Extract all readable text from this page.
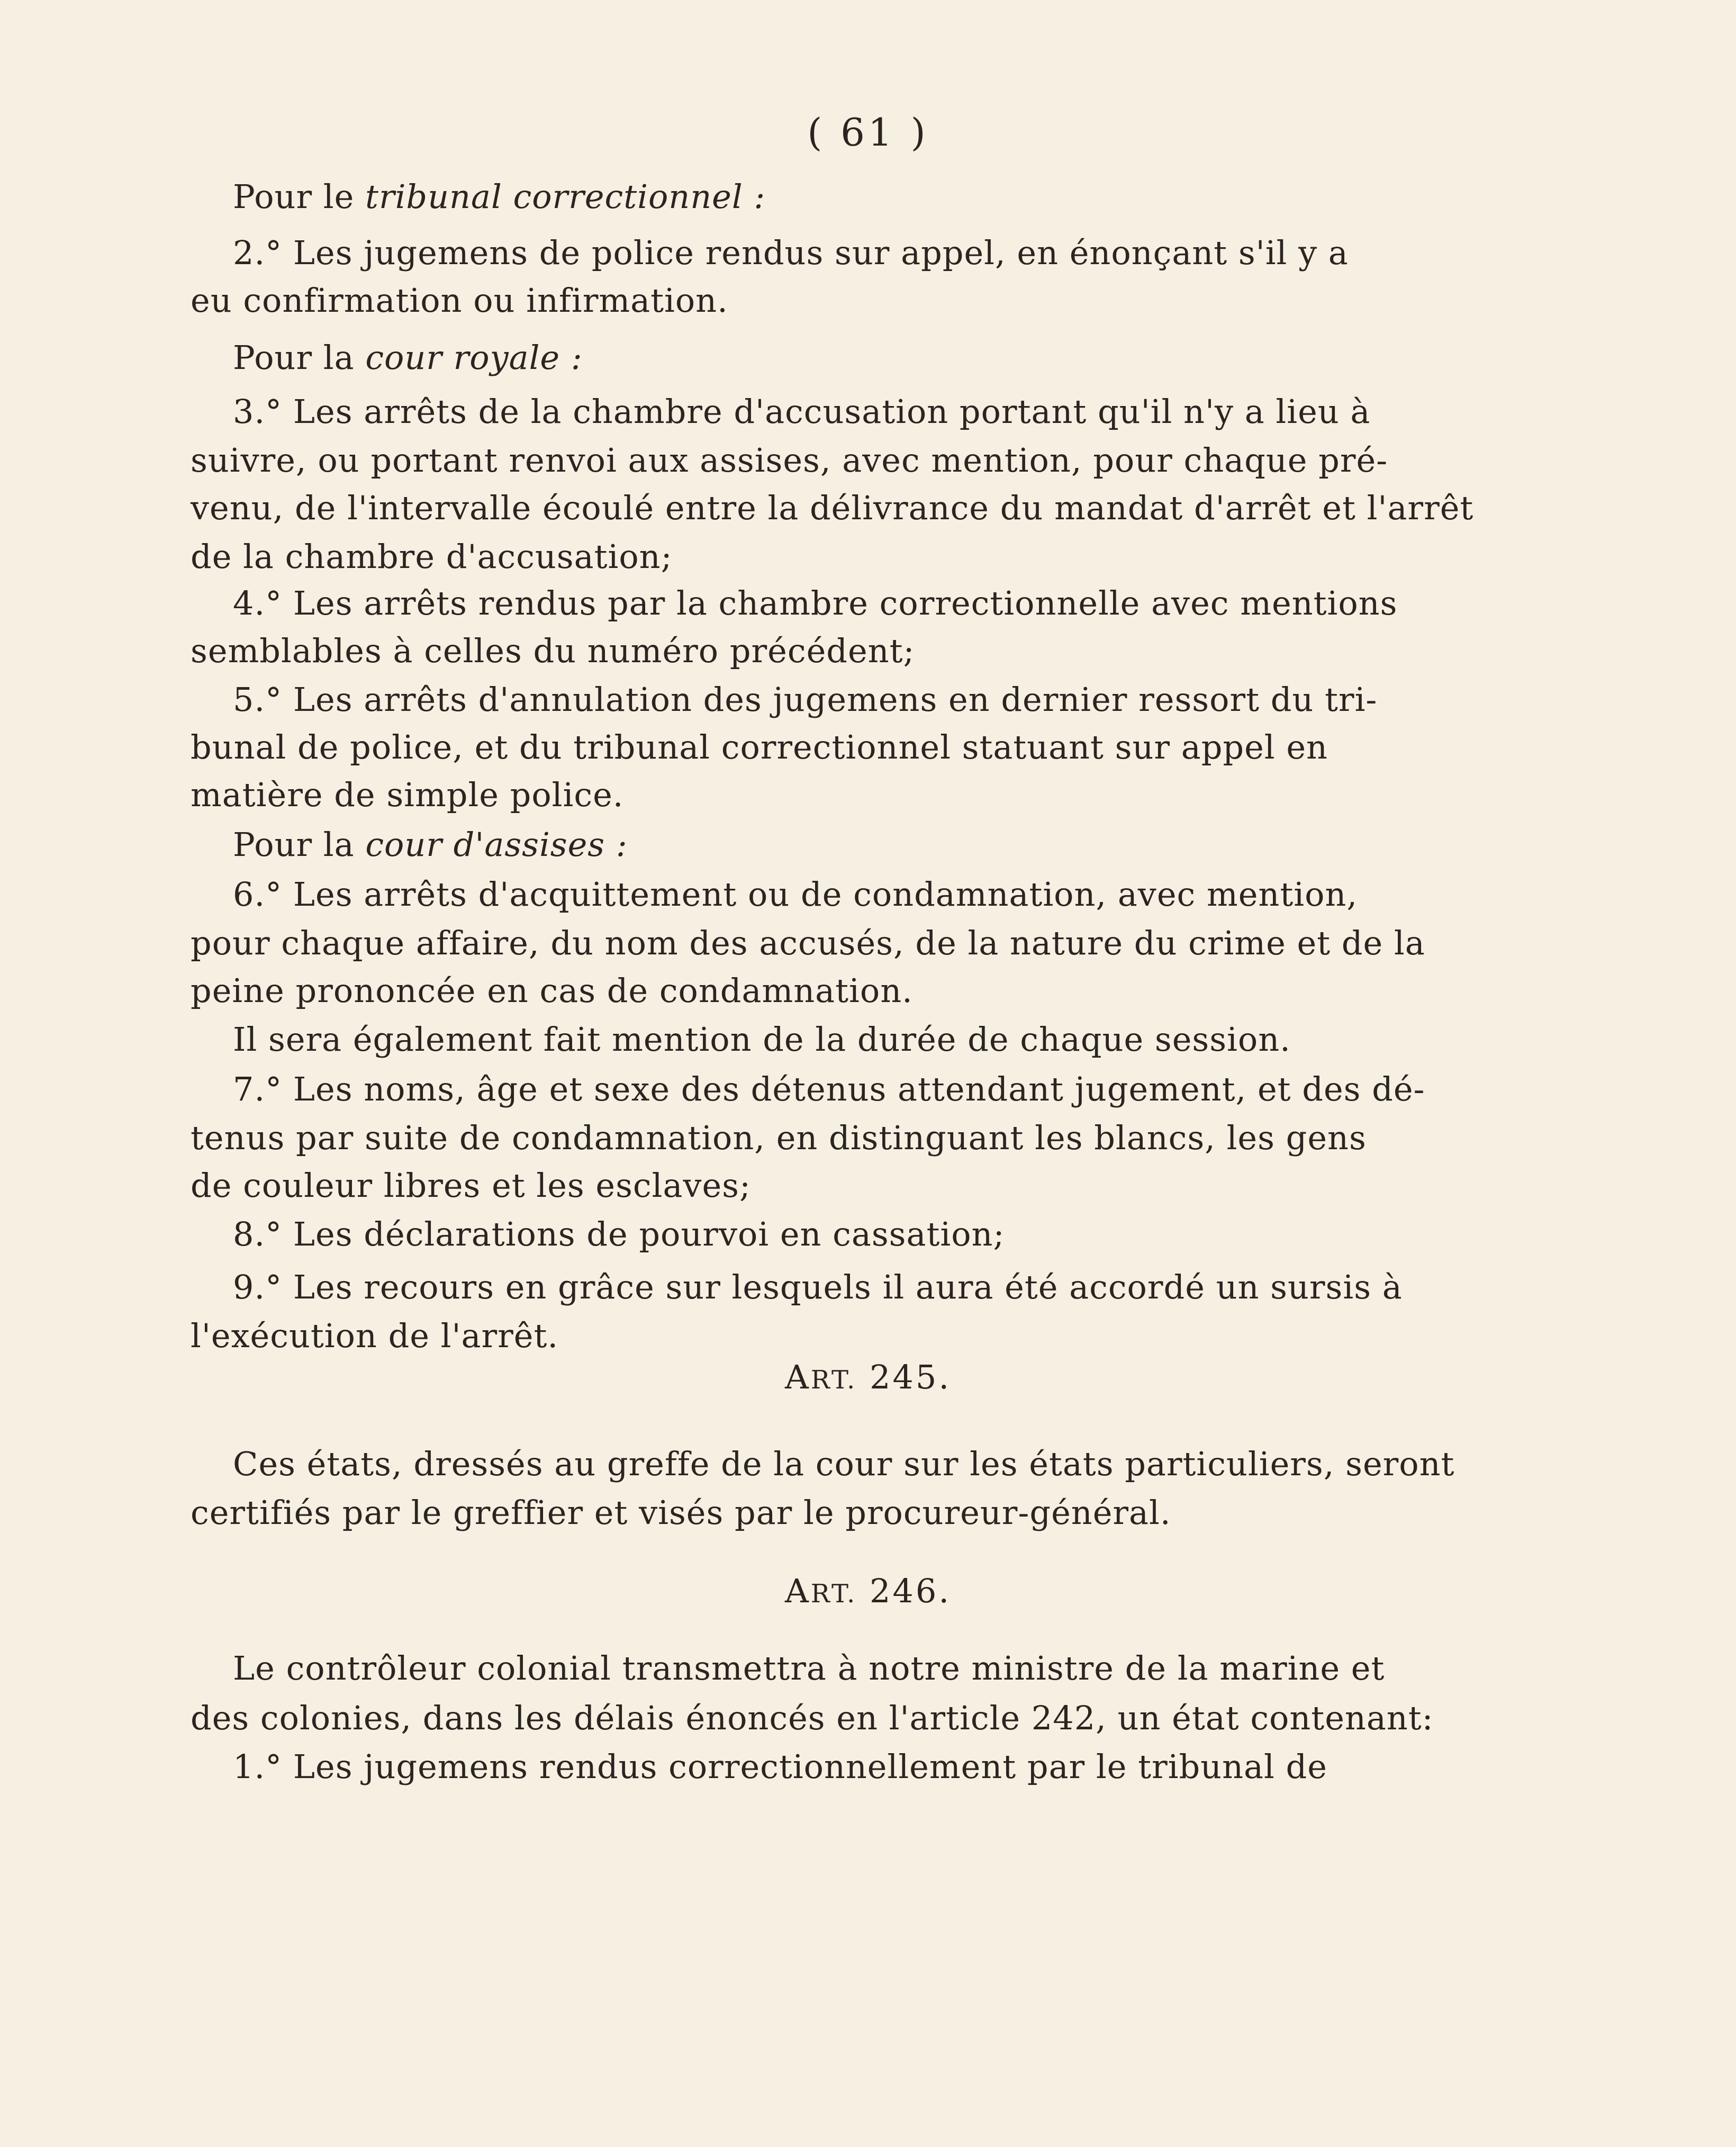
( 61 )
Pour le tribunal correctionnel :
2.° Les jugemens de police rendus sur appel, en énonçant s'il y a
eu confirmation ou infirmation.
Pour la cour royale :
3.° Les arrêts de la chambre d'accusation portant qu'il n'y a lieu à
suivre, ou portant renvoi aux assises, avec mention, pour chaque pré-
venu, de l'intervalle écoulé entre la délivrance du mandat d'arrêt et l'arrêt
de la chambre d'accusation;
4.° Les arrêts rendus par la chambre correctionnelle avec mentions
semblables à celles du numéro précédent;
5.° Les arrêts d'annulation des jugemens en dernier ressort du tri-
bunal de police, et du tribunal correctionnel statuant sur appel en
matière de simple police.
Pour la cour d'assises :
6.° Les arrêts d'acquittement ou de condamnation, avec mention,
pour chaque affaire, du nom des accusés, de la nature du crime et de la
peine prononcée en cas de condamnation.
Il sera également fait mention de la durée de chaque session.
7.° Les noms, âge et sexe des détenus attendant jugement, et des dé-
tenus par suite de condamnation, en distinguant les blancs, les gens
de couleur libres et les esclaves;
8.° Les déclarations de pourvoi en cassation;
9.° Les recours en grâce sur lesquels il aura été accordé un sursis à
l'exécution de l'arrêt.
ART. 245.
Ces états, dressés au greffe de la cour sur les états particuliers, seront
certifiés par le greffier et visés par le procureur-général.
ART. 246.
Le contrôleur colonial transmettra à notre ministre de la marine et
des colonies, dans les délais énoncés en l'article 242, un état contenant:
1.° Les jugemens rendus correctionnellement par le tribunal de
